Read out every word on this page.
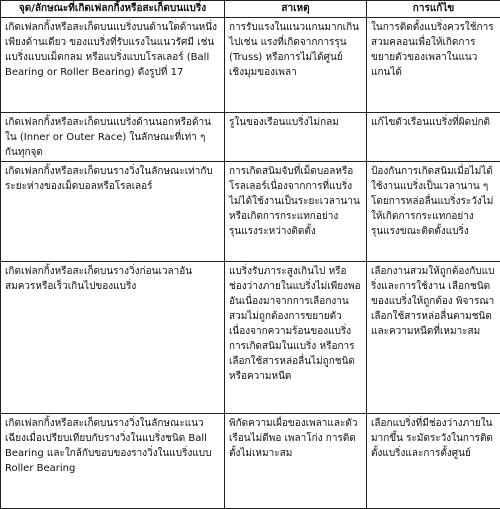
จุด/ลักษณะที่เกิดเฟลกกิ้งหรือสะเก็ดบนแบริ่ง	สาเหตุ	การแก้ไข

เกิดเฟลกกิ้งหรือสะเก็ดบนแบริ่งบนด้านใดด้านหนึ่งเพียงด้านเดียว ของแบริ่งที่รับแรงในแนวรัศมี เช่นแบริ่งแบบเม็ดกลม หรือแบริ่งแบบโรลเลอร์ (Ball Bearing or Roller Bearing) ดังรูปที่ 17	การรับแรงในแนวแกนมากเกินไปเช่น แรงที่เกิดจากการรุน (Truss) หรือการไม่ได้ศูนย์เชิงมุมของเพลา	ในการติดตั้งแบริ่งควรใช้การสวมคลอนเพื่อให้เกิดการขยายตัวของเพลาในแนวแกนได้

เกิดเฟลกกิ้งหรือสะเก็ดบนแบริ่งด้านนอกหรือด้านใน (Inner or Outer Race) ในลักษณะที่เท่า ๆ กันทุกจุด	รูในของเรือนแบริ่งไม่กลม	แก้ไขตัวเรือนแบริ่งที่ผิดปกติ

เกิดเฟลกกิ้งหรือสะเก็ดบนรางวิ่งในลักษณะเท่ากับระยะห่างของเม็ดบอลหรือโรลเลอร์	การเกิดสนิมจับที่เม็ดบอลหรือโรลเลอร์เนื่องจากการที่แบริ่งไม่ได้ใช้งานเป็นระยะเวลานาน หรือเกิดการกระแทกอย่างรุนแรงระหว่างติดตั้ง	ป้องกันการเกิดสนิมเมื่อไม่ได้ใช้งานแบริ่งเป็นเวลานาน ๆ โดยการหล่อลื่นแบริ่งระวังไม่ให้เกิดการกระแทกอย่างรุนแรงขณะติดตั้งแบริ่ง

เกิดเฟลกกิ้งหรือสะเก็ดบนรางวิ่งก่อนเวลาอันสมควรหรือเร็วเกินไปของแบริ่ง	แบริ่งรับภาระสูงเกินไป หรือช่องว่างภายในแบริ่งไม่เพียงพออันเนื่องมาจากการเลือกงานสวมไม่ถูกต้องการขยายตัวเนื่องจากความร้อนของแบริ่ง การเกิดสนิมในแบริ่ง หรือการเลือกใช้สารหล่อลื่นไม่ถูกชนิด หรือความหนืด	เลือกงานสวมให้ถูกต้องกับแบริ่งและการใช้งาน เลือกชนิดของแบริ่งให้ถูกต้อง พิจารณาเลือกใช้สารหล่อลื่นตามชนิดและความหนืดที่เหมาะสม

เกิดเฟลกกิ้งหรือสะเก็ดบนรางวิ่งในลักษณะแนวเฉียงเมื่อเปรียบเทียบกับรางวิ่งในแบริ่งชนิด Ball Bearing และใกล้กับขอบของรางวิ่งในแบริ่งแบบ Roller Bearing	พิกัดความเผื่อของเพลาและตัวเรือนไม่ดีพอ เพลาโก่ง การติดตั้งไม่เหมาะสม	เลือกแบริ่งที่มีช่องว่างภายในมากขึ้น ระมัดระวังในการติดตั้งแบริ่งและการตั้งศูนย์
